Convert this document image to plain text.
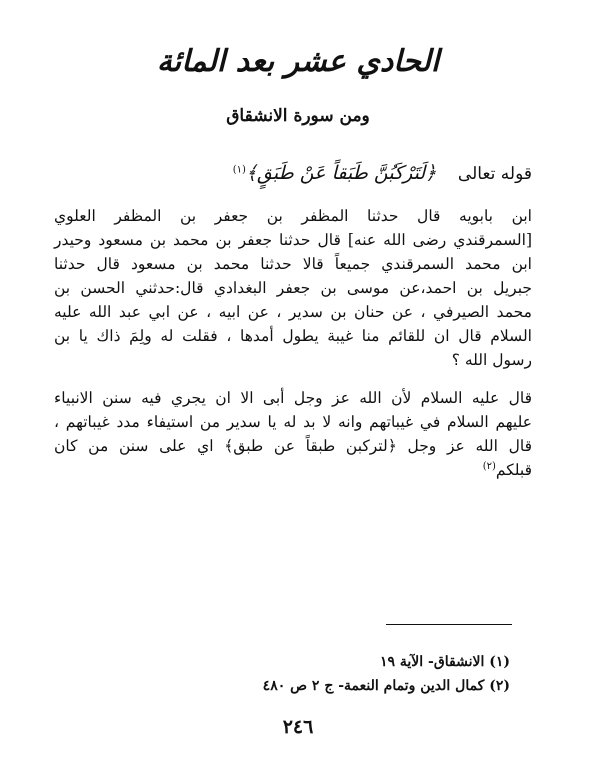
الحادي عشر بعد المائة
ومن سورة الانشقاق
قوله تعالى    ﴿لَتَرْكَبُنَّ طَبَقاً عَنْ طَبَقٍ﴾$^{(١)}$
ابن بابويه قال حدثنا المظفر بن جعفر بن المظفر العلوي
[السمرقندي رضى الله عنه] قال حدثنا جعفر بن محمد بن مسعود وحيدر
ابن محمد السمرقندي جميعاً قالا حدثنا محمد بن مسعود قال حدثنا
جبريل بن احمد،عن موسى بن جعفر البغدادي قال:حدثني الحسن بن
محمد الصيرفي ، عن حنان بن سدير ، عن ابيه ، عن ابي عبد الله عليه
السلام قال ان للقائم منا غيبة يطول أمدها ، فقلت له ولِمَ ذاك يا بن
رسول الله ؟
قال عليه السلام لأن الله عز وجل أبى الا ان يجري فيه سنن الانبياء
عليهم السلام في غيباتهم وانه لا بد له يا سدير من استيفاء مدد غيباتهم ،
قال الله عز وجل ﴿لتركبن طبقاً عن طبق﴾ اي على سنن من كان
قبلكم$^{(٢)}$
(١) الانشقاق- الآية ١٩
(٢) كمال الدين وتمام النعمة- ج ٢ ص ٤٨٠
٢٤٦
